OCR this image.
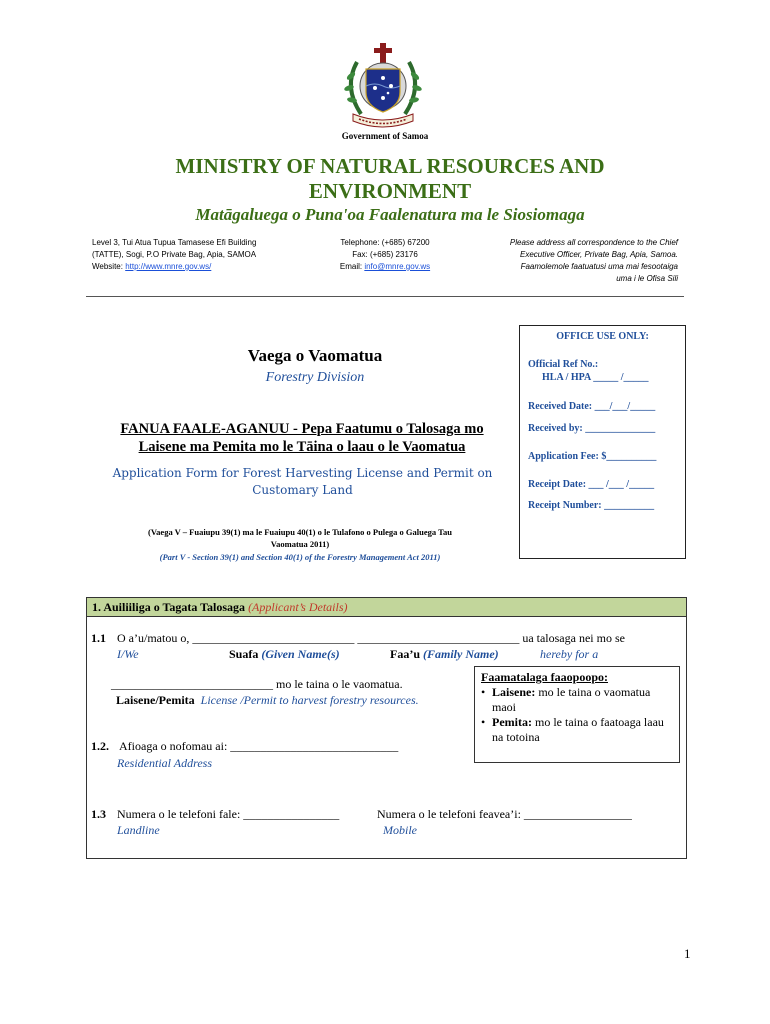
Government of Samoa
MINISTRY OF NATURAL RESOURCES AND
ENVIRONMENT
Matāgaluega o Puna'oa Faalenatura ma le Siosiomaga
Level 3, Tui Atua Tupua Tamasese Efi Building
(TATTE), Sogi, P.O Private Bag, Apia, SAMOA
Website: http://www.mnre.gov.ws/
Telephone: (+685) 67200
Fax: (+685) 23176
Email: info@mnre.gov.ws
Please address all correspondence to the Chief
Executive Officer, Private Bag, Apia, Samoa.
Faamolemole faatuatusi uma mai fesootaiga
uma i le Ofisa Sili
OFFICE USE ONLY:
Official Ref No.:
HLA / HPA _____ /_____
Received Date: ___/___/_____
Received by: ______________
Application Fee: $__________
Receipt Date: ___ /___ /_____
Receipt Number: __________
Vaega o Vaomatua
Forestry Division
FANUA FAALE-AGANUU - Pepa Faatumu o Talosaga mo
Laisene ma Pemita mo le Tāina o laau o le Vaomatua
Application Form for Forest Harvesting License and Permit on
Customary Land
(Vaega V – Fuaiupu 39(1) ma le Fuaiupu 40(1) o le Tulafono o Pulega o Galuega Tau
Vaomatua 2011)
(Part V - Section 39(1) and Section 40(1) of the Forestry Management Act 2011)
1. Auiliiliga o Tagata Talosaga (Applicant’s Details)
1.1 O a’u/matou o, ___________________________ ___________________________ ua talosaga nei mo se
I/We	Suafa (Given Name(s)	Faa’u (Family Name)	hereby for a
___________________________ mo le taina o le vaomatua.
Laisene/Pemita License /Permit to harvest forestry resources.
1.2. Afioaga o nofomau ai: ____________________________
Residential Address
1.3 Numera o le telefoni fale: ________________
Landline
Numera o le telefoni feavea’i: __________________
Mobile
Faamatalaga faaopoopo:
• Laisene: mo le taina o vaomatua maoi
• Pemita: mo le taina o faatoaga laau na totoina
1
